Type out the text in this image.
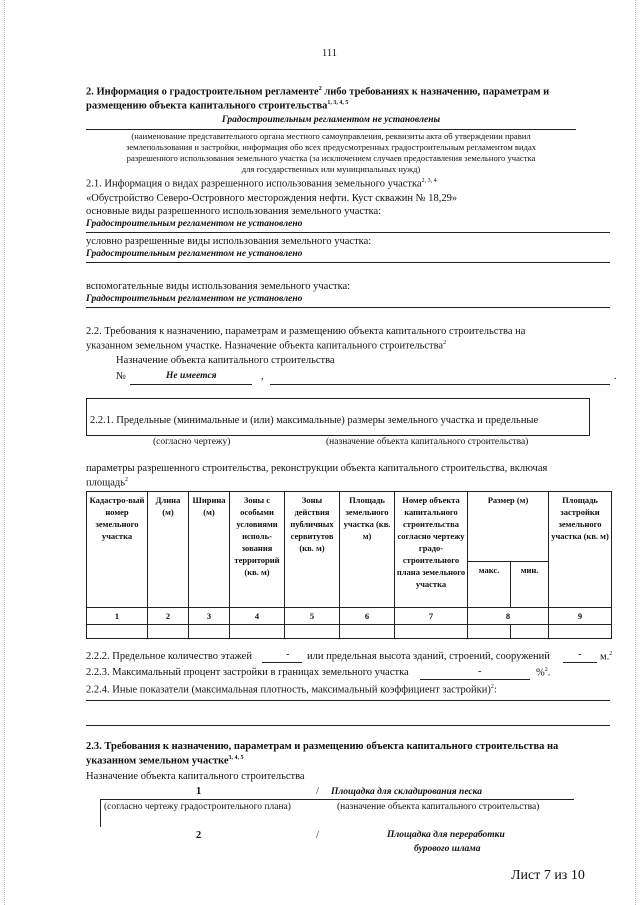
111
2. Информация о градостроительном регламенте$^2$ либо требованиях к назначению, параметрам и
размещению объекта капитального строительства$^{1, 3, 4, 5}$
Градостроительным регламентом не установлены
(наименование представительного органа местного самоуправления, реквизиты акта об утверждении правил
землепользования и застройки, информация обо всех предусмотренных градостроительным регламентом видах
разрешенного использования земельного участка (за исключением случаев предоставления земельного участка
для государственных или муниципальных нужд)
2.1. Информация о видах разрешенного использования земельного участка$^{2, 3, 4}$
«Обустройство Северо-Островного месторождения нефти. Куст скважин № 18,29»
основные виды разрешенного использования земельного участка:
Градостроительным регламентом не установлено
условно разрешенные виды использования земельного участка:
Градостроительным регламентом не установлено
вспомогательные виды использования земельного участка:
Градостроительным регламентом не установлено
2.2. Требования к назначению, параметрам и размещению объекта капитального строительства на
указанном земельном участке. Назначение объекта капитального строительства$^2$
Назначение объекта капитального строительства
№	Не имеется	,	.
2.2.1. Предельные (минимальные и (или) максимальные) размеры земельного участка и предельные
(согласно чертежу)	(назначение объекта капитального строительства)
параметры разрешенного строительства, реконструкции объекта капитального строительства, включая
площадь$^2$
Кадастро-вый номер земельного участка	Длина (м)	Ширина (м)	Зоны с особыми условиями исполь-зования территорий (кв. м)	Зоны действия публичных сервитутов (кв. м)	Площадь земельного участка (кв. м)	Номер объекта капитального строительства согласно чертежу градо-строительного плана земельного участка	Размер (м)		Площадь застройки земельного участка (кв. м)
							макс.	мин.	
1	2	3	4	5	6	7	8		9

2.2.2. Предельное количество этажей	- или предельная высота зданий, строений, сооружений	- м.$^2$
2.2.3. Максимальный процент застройки в границах земельного участка	-	%$^2$.
2.2.4. Иные показатели (максимальная плотность, максимальный коэффициент застройки)$^2$:
2.3. Требования к назначению, параметрам и размещению объекта капитального строительства на
указанном земельном участке$^{3, 4, 5}$
Назначение объекта капитального строительства
1	/ Площадка для складирования песка
(согласно чертежу градостроительного плана)	(назначение объекта капитального строительства)
2	/	Площадка для переработки
бурового шлама
Лист 7 из 10
